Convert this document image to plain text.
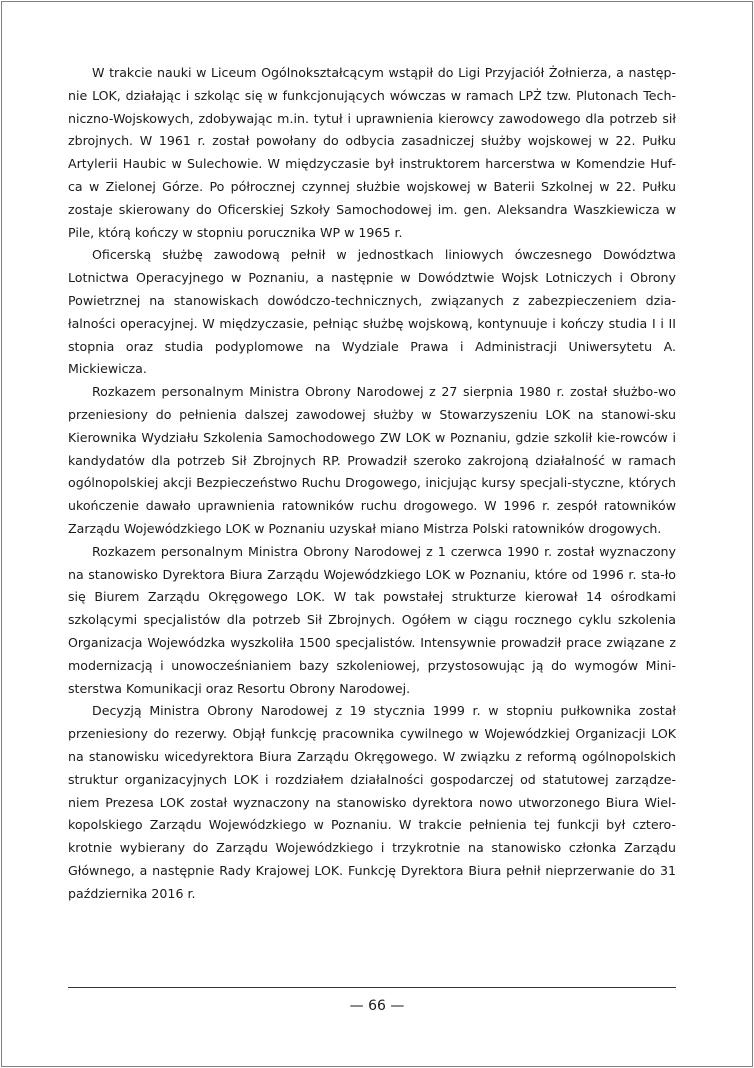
W trakcie nauki w Liceum Ogólnokształcącym wstąpił do Ligi Przyjaciół Żołnierza, a następ-nie LOK, działając i szkoląc się w funkcjonujących wówczas w ramach LPŻ tzw. Plutonach Tech-niczno-Wojskowych, zdobywając m.in. tytuł i uprawnienia kierowcy zawodowego dla potrzeb sił zbrojnych. W 1961 r. został powołany do odbycia zasadniczej służby wojskowej w 22. Pułku Artylerii Haubic w Sulechowie. W międzyczasie był instruktorem harcerstwa w Komendzie Huf-ca w Zielonej Górze. Po półrocznej czynnej służbie wojskowej w Baterii Szkolnej w 22. Pułku zostaje skierowany do Oficerskiej Szkoły Samochodowej im. gen. Aleksandra Waszkiewicza w Pile, którą kończy w stopniu porucznika WP w 1965 r.

Oficerską służbę zawodową pełnił w jednostkach liniowych ówczesnego Dowództwa Lotnictwa Operacyjnego w Poznaniu, a następnie w Dowództwie Wojsk Lotniczych i Obrony Powietrznej na stanowiskach dowódczo-technicznych, związanych z zabezpieczeniem dzia-łalności operacyjnej. W międzyczasie, pełniąc służbę wojskową, kontynuuje i kończy studia I i II stopnia oraz studia podyplomowe na Wydziale Prawa i Administracji Uniwersytetu A. Mickiewicza.

Rozkazem personalnym Ministra Obrony Narodowej z 27 sierpnia 1980 r. został służbo-wo przeniesiony do pełnienia dalszej zawodowej służby w Stowarzyszeniu LOK na stanowi-sku Kierownika Wydziału Szkolenia Samochodowego ZW LOK w Poznaniu, gdzie szkolił kie-rowców i kandydatów dla potrzeb Sił Zbrojnych RP. Prowadził szeroko zakrojoną działalność w ramach ogólnopolskiej akcji Bezpieczeństwo Ruchu Drogowego, inicjując kursy specjali-styczne, których ukończenie dawało uprawnienia ratowników ruchu drogowego. W 1996 r. zespół ratowników Zarządu Wojewódzkiego LOK w Poznaniu uzyskał miano Mistrza Polski ratowników drogowych.

Rozkazem personalnym Ministra Obrony Narodowej z 1 czerwca 1990 r. został wyznaczony na stanowisko Dyrektora Biura Zarządu Wojewódzkiego LOK w Poznaniu, które od 1996 r. sta-ło się Biurem Zarządu Okręgowego LOK. W tak powstałej strukturze kierował 14 ośrodkami szkolącymi specjalistów dla potrzeb Sił Zbrojnych. Ogółem w ciągu rocznego cyklu szkolenia Organizacja Wojewódzka wyszkoliła 1500 specjalistów. Intensywnie prowadził prace związane z modernizacją i unowocześnianiem bazy szkoleniowej, przystosowując ją do wymogów Mini-sterstwa Komunikacji oraz Resortu Obrony Narodowej.

Decyzją Ministra Obrony Narodowej z 19 stycznia 1999 r. w stopniu pułkownika został przeniesiony do rezerwy. Objął funkcję pracownika cywilnego w Wojewódzkiej Organizacji LOK na stanowisku wicedyrektora Biura Zarządu Okręgowego. W związku z reformą ogólnopolskich struktur organizacyjnych LOK i rozdziałem działalności gospodarczej od statutowej zarządze-niem Prezesa LOK został wyznaczony na stanowisko dyrektora nowo utworzonego Biura Wiel-kopolskiego Zarządu Wojewódzkiego w Poznaniu. W trakcie pełnienia tej funkcji był cztero-krotnie wybierany do Zarządu Wojewódzkiego i trzykrotnie na stanowisko członka Zarządu Głównego, a następnie Rady Krajowej LOK. Funkcję Dyrektora Biura pełnił nieprzerwanie do 31 października 2016 r.

— 66 —
